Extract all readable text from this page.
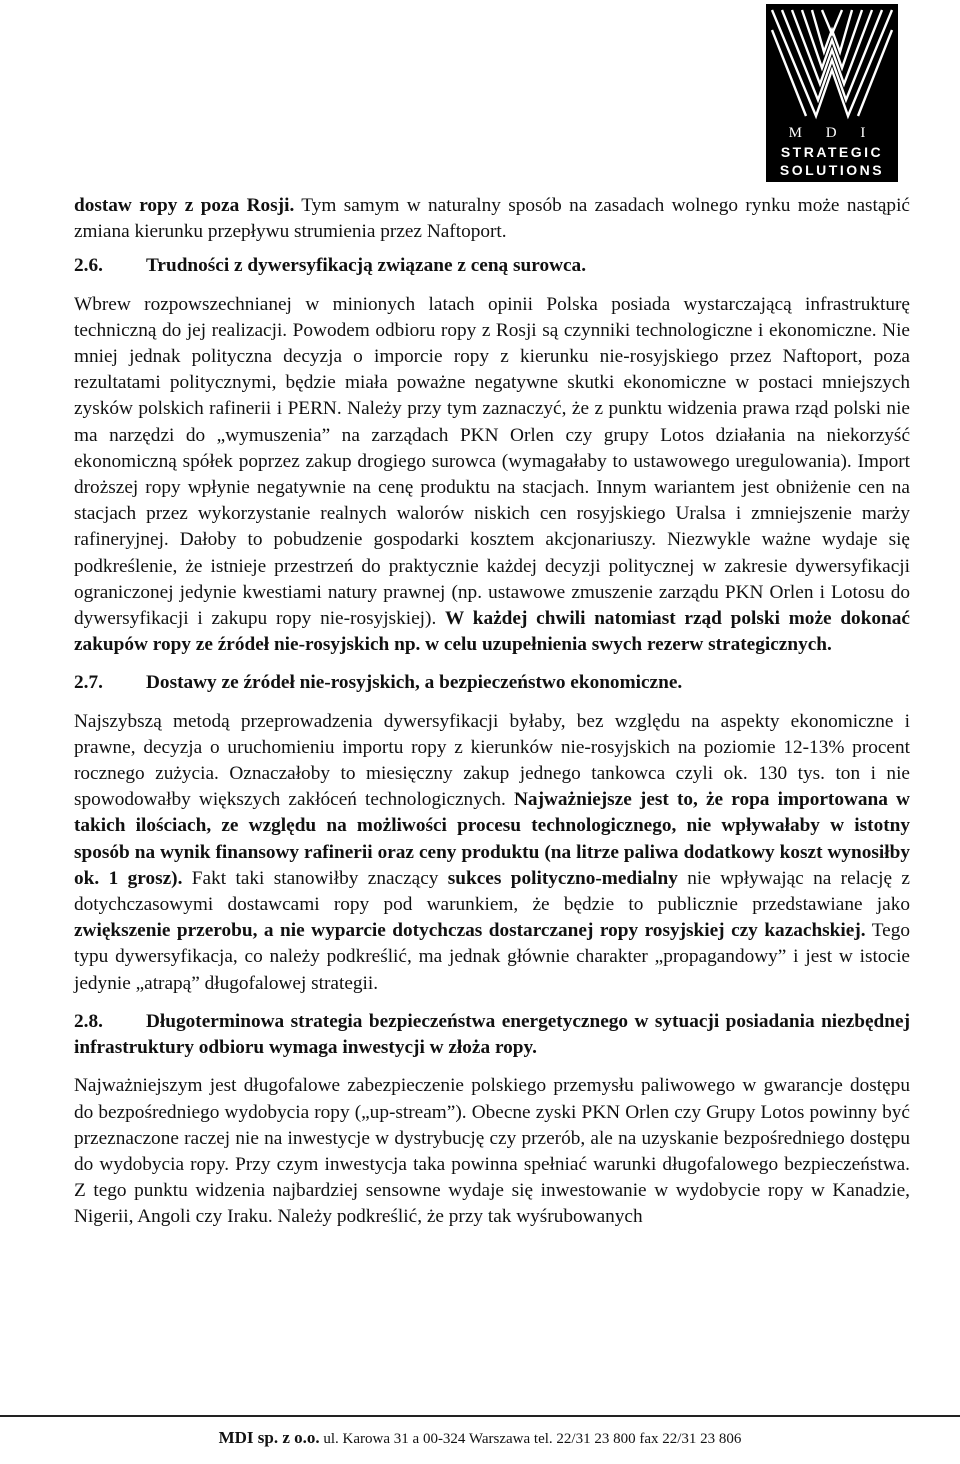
M D I
STRATEGIC
SOLUTIONS

dostaw ropy z poza Rosji. Tym samym w naturalny sposób na zasadach wolnego rynku może nastąpić zmiana kierunku przepływu strumienia przez Naftoport.

2.6.	Trudności z dywersyfikacją związane z ceną surowca.

Wbrew rozpowszechnianej w minionych latach opinii Polska posiada wystarczającą infrastrukturę techniczną do jej realizacji. Powodem odbioru ropy z Rosji są czynniki technologiczne i ekonomiczne. Nie mniej jednak polityczna decyzja o imporcie ropy z kierunku nie-rosyjskiego przez Naftoport, poza rezultatami politycznymi, będzie miała poważne negatywne skutki ekonomiczne w postaci mniejszych zysków polskich rafinerii i PERN. Należy przy tym zaznaczyć, że z punktu widzenia prawa rząd polski nie ma narzędzi do „wymuszenia” na zarządach PKN Orlen czy grupy Lotos działania na niekorzyść ekonomiczną spółek poprzez zakup drogiego surowca (wymagałaby to ustawowego uregulowania). Import droższej ropy wpłynie negatywnie na cenę produktu na stacjach. Innym wariantem jest obniżenie cen na stacjach przez wykorzystanie realnych walorów niskich cen rosyjskiego Uralsa i zmniejszenie marży rafineryjnej. Dałoby to pobudzenie gospodarki kosztem akcjonariuszy. Niezwykle ważne wydaje się podkreślenie, że istnieje przestrzeń do praktycznie każdej decyzji politycznej w zakresie dywersyfikacji ograniczonej jedynie kwestiami natury prawnej (np. ustawowe zmuszenie zarządu PKN Orlen i Lotosu do dywersyfikacji i zakupu ropy nie-rosyjskiej). W każdej chwili natomiast rząd polski może dokonać zakupów ropy ze źródeł nie-rosyjskich np. w celu uzupełnienia swych rezerw strategicznych.

2.7.	Dostawy ze źródeł nie-rosyjskich, a bezpieczeństwo ekonomiczne.

Najszybszą metodą przeprowadzenia dywersyfikacji byłaby, bez względu na aspekty ekonomiczne i prawne, decyzja o uruchomieniu importu ropy z kierunków nie-rosyjskich na poziomie 12-13% procent rocznego zużycia. Oznaczałoby to miesięczny zakup jednego tankowca czyli ok. 130 tys. ton i nie spowodowałby większych zakłóceń technologicznych. Najważniejsze jest to, że ropa importowana w takich ilościach, ze względu na możliwości procesu technologicznego, nie wpływałaby w istotny sposób na wynik finansowy rafinerii oraz ceny produktu (na litrze paliwa dodatkowy koszt wynosiłby ok. 1 grosz). Fakt taki stanowiłby znaczący sukces polityczno-medialny nie wpływając na relację z dotychczasowymi dostawcami ropy pod warunkiem, że będzie to publicznie przedstawiane jako zwiększenie przerobu, a nie wyparcie dotychczas dostarczanej ropy rosyjskiej czy kazachskiej. Tego typu dywersyfikacja, co należy podkreślić, ma jednak głównie charakter „propagandowy” i jest w istocie jedynie „atrapą” długofalowej strategii.

2.8. Długoterminowa strategia bezpieczeństwa energetycznego w sytuacji posiadania niezbędnej infrastruktury odbioru wymaga inwestycji w złoża ropy.

Najważniejszym jest długofalowe zabezpieczenie polskiego przemysłu paliwowego w gwarancje dostępu do bezpośredniego wydobycia ropy („up-stream”). Obecne zyski PKN Orlen czy Grupy Lotos powinny być przeznaczone raczej nie na inwestycje w dystrybucję czy przerób, ale na uzyskanie bezpośredniego dostępu do wydobycia ropy. Przy czym inwestycja taka powinna spełniać warunki długofalowego bezpieczeństwa. Z tego punktu widzenia najbardziej sensowne wydaje się inwestowanie w wydobycie ropy w Kanadzie, Nigerii, Angoli czy Iraku. Należy podkreślić, że przy tak wyśrubowanych

MDI sp. z o.o. ul. Karowa 31 a 00-324 Warszawa tel. 22/31 23 800 fax 22/31 23 806
